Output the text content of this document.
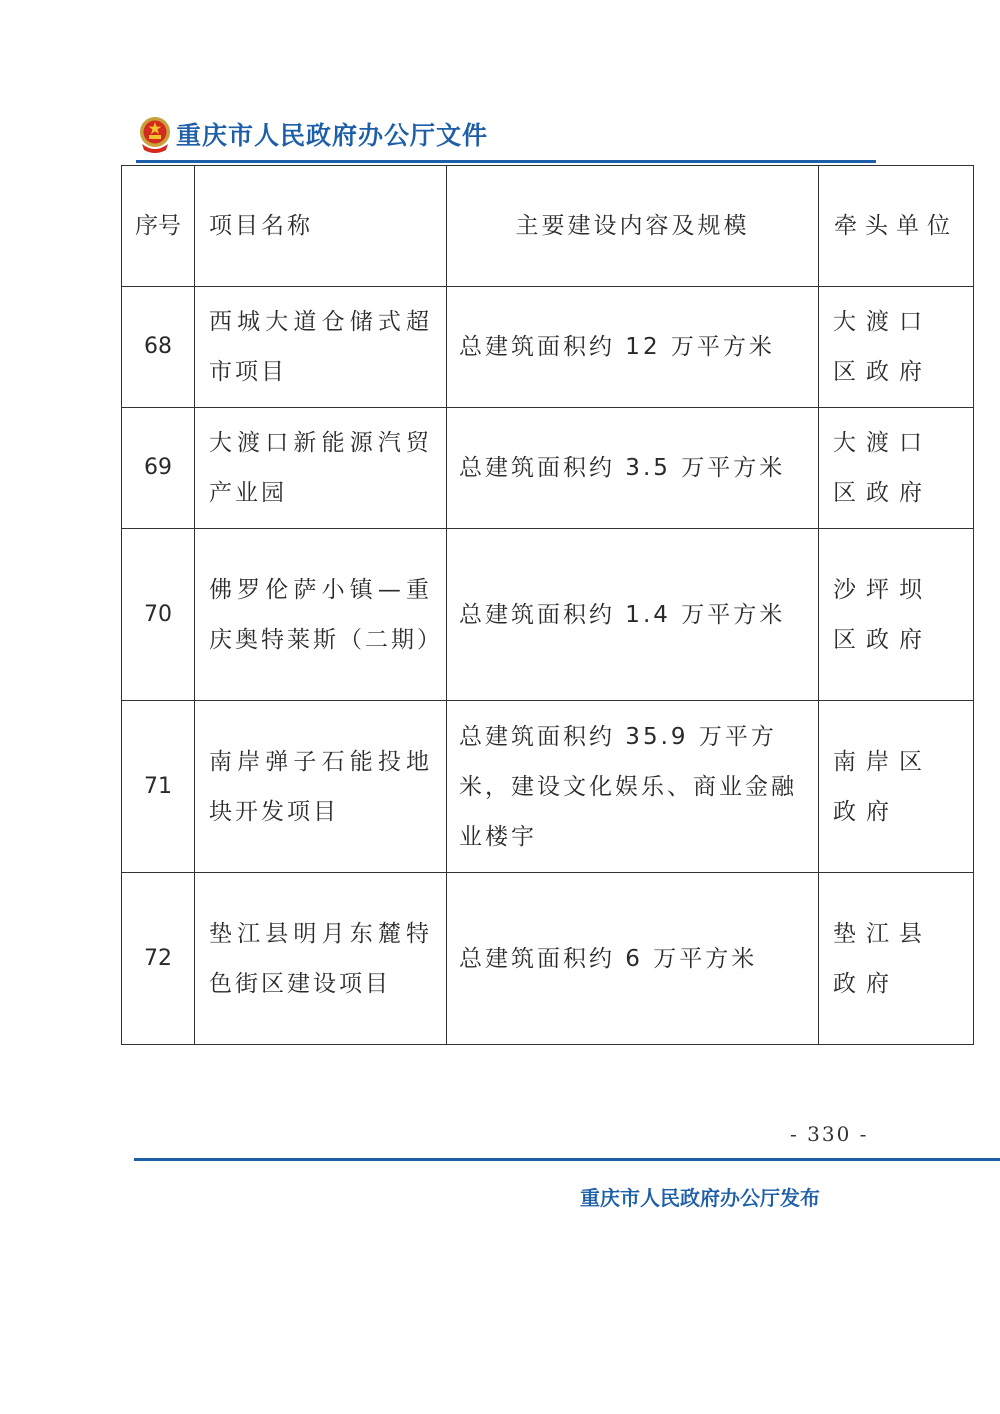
重庆市人民政府办公厅文件
序号	项目名称	主要建设内容及规模	牵头单位
68	西城大道仓储式超市项目	总建筑面积约 12 万平方米	大渡口区政府
69	大渡口新能源汽贸产业园	总建筑面积约 3.5 万平方米	大渡口区政府
70	佛罗伦萨小镇—重庆奥特莱斯（二期）	总建筑面积约 1.4 万平方米	沙坪坝区政府
71	南岸弹子石能投地块开发项目	总建筑面积约 35.9 万平方米，建设文化娱乐、商业金融业楼宇	南岸区政府
72	垫江县明月东麓特色街区建设项目	总建筑面积约 6 万平方米	垫江县政府
- 330 -
重庆市人民政府办公厅发布
